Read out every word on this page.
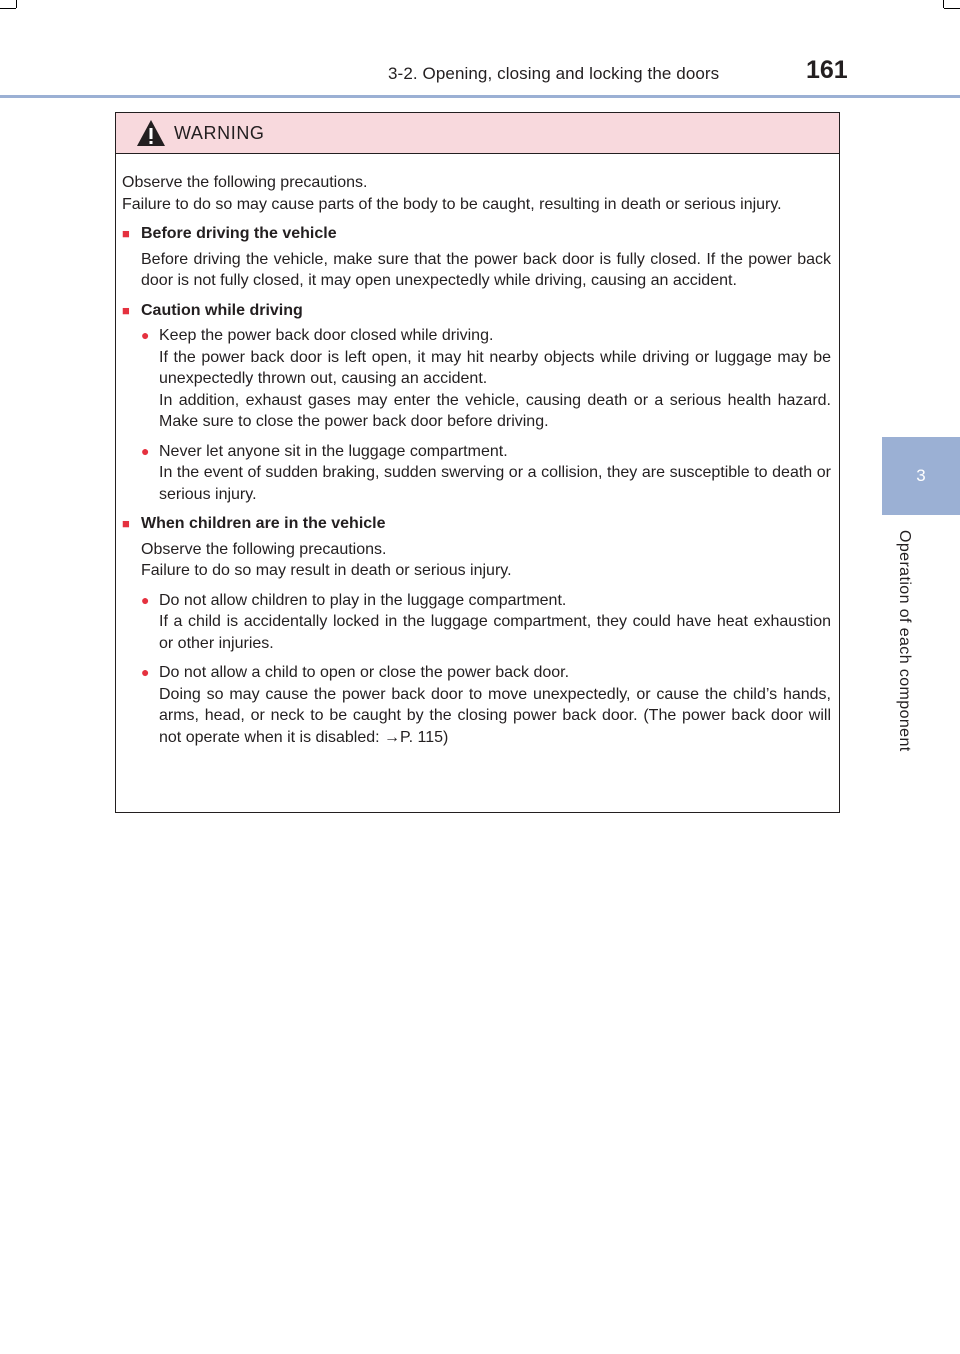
3-2. Opening, closing and locking the doors	161
3
Operation of each component
WARNING

Observe the following precautions.
Failure to do so may cause parts of the body to be caught, resulting in death or serious injury.

■ Before driving the vehicle

Before driving the vehicle, make sure that the power back door is fully closed. If the power back door is not fully closed, it may open unexpectedly while driving, causing an accident.

■ Caution while driving
● Keep the power back door closed while driving.
If the power back door is left open, it may hit nearby objects while driving or luggage may be unexpectedly thrown out, causing an accident.
In addition, exhaust gases may enter the vehicle, causing death or a serious health hazard. Make sure to close the power back door before driving.
● Never let anyone sit in the luggage compartment.
In the event of sudden braking, sudden swerving or a collision, they are susceptible to death or serious injury.
■ When children are in the vehicle

Observe the following precautions.
Failure to do so may result in death or serious injury.

● Do not allow children to play in the luggage compartment.
If a child is accidentally locked in the luggage compartment, they could have heat exhaustion or other injuries.
● Do not allow a child to open or close the power back door.
Doing so may cause the power back door to move unexpectedly, or cause the child’s hands, arms, head, or neck to be caught by the closing power back door. (The power back door will not operate when it is disabled: →P. 115)
